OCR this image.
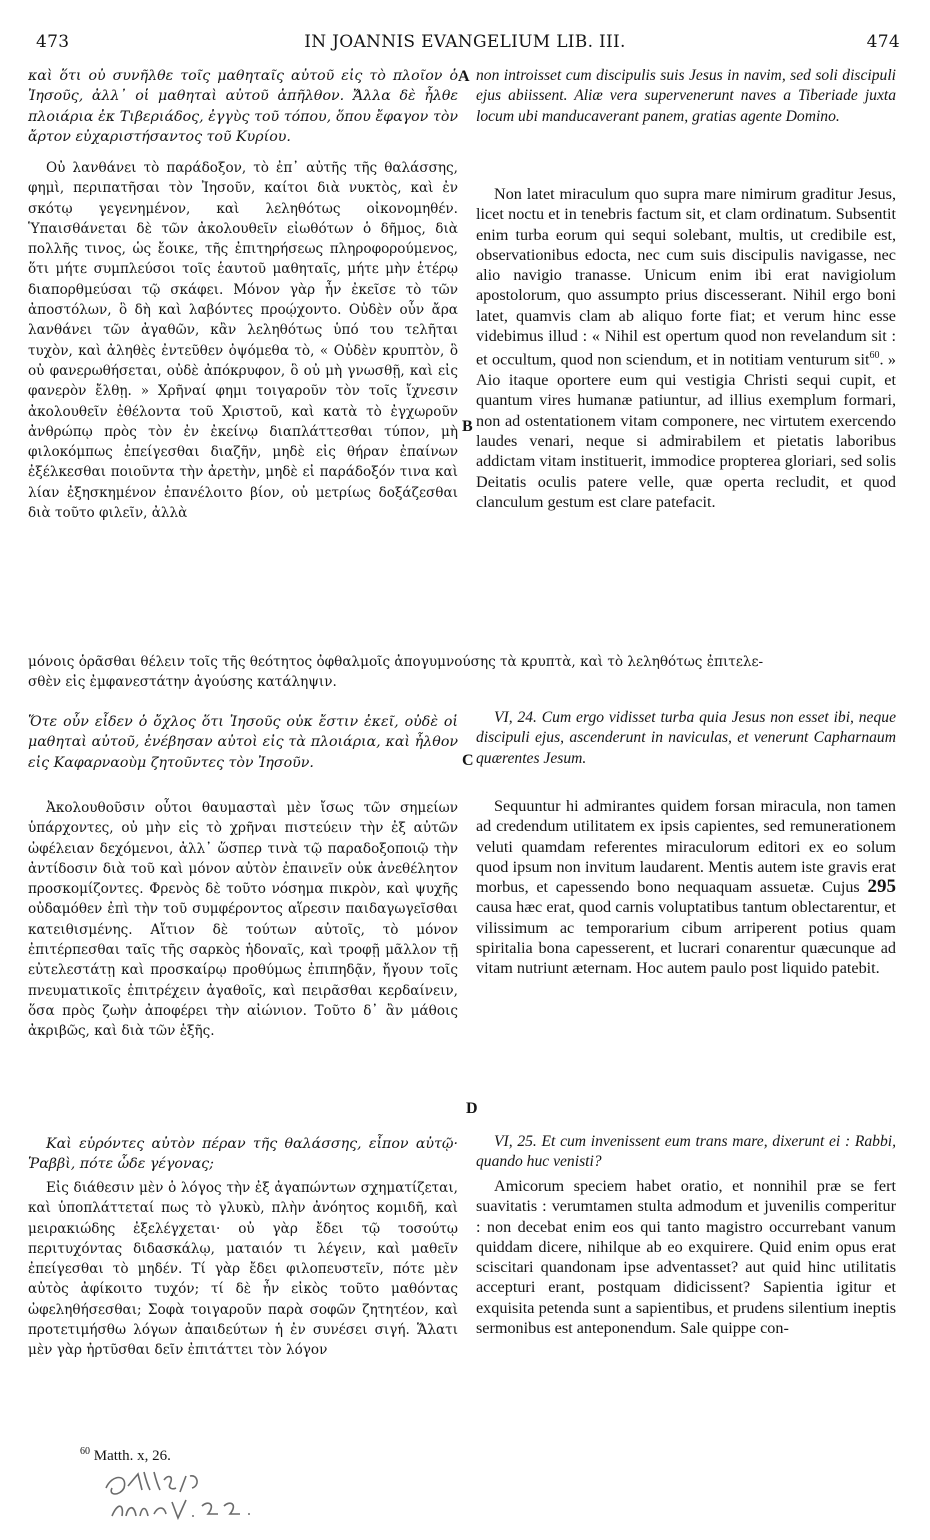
473	IN JOANNIS EVANGELIUM LIB. III.	474

καὶ ὅτι οὐ συνῆλθε τοῖς μαθηταῖς αὐτοῦ εἰς τὸ πλοῖον ὁ Ἰησοῦς, ἀλλ᾽ οἱ μαθηταὶ αὐτοῦ ἀπῆλθον. Ἄλλα δὲ ἦλθε πλοιάρια ἐκ Τιβεριάδος, ἐγγὺς τοῦ τόπου, ὅπου ἔφαγον τὸν ἄρτον εὐχαριστήσαντος τοῦ Κυρίου.

Οὐ λανθάνει τὸ παράδοξον, τὸ ἐπ᾽ αὐτῆς τῆς θαλάσσης, φημὶ, περιπατῆσαι τὸν Ἰησοῦν, καίτοι διὰ νυκτὸς, καὶ ἐν σκότῳ γεγενημένον, καὶ λεληθότως οἰκονομηθέν. Ὑπαισθάνεται δὲ τῶν ἀκολουθεῖν εἰωθότων ὁ δῆμος, διὰ πολλῆς τινος, ὡς ἔοικε, τῆς ἐπιτηρήσεως πληροφορούμενος, ὅτι μήτε συμπλεύσοι τοῖς ἑαυτοῦ μαθηταῖς, μήτε μὴν ἑτέρῳ διαπορθμεύσαι τῷ σκάφει. Μόνον γὰρ ἦν ἐκεῖσε τὸ τῶν ἀποστόλων, ὃ δὴ καὶ λαβόντες προῴχοντο. Οὐδὲν οὖν ἄρα λανθάνει τῶν ἀγαθῶν, κἂν λεληθότως ὑπό του τελῆται τυχὸν, καὶ ἀληθὲς ἐντεῦθεν ὀψόμεθα τὸ, « Οὐδὲν κρυπτὸν, ὃ οὐ φανερωθήσεται, οὐδὲ ἀπόκρυφον, ὃ οὐ μὴ γνωσθῇ, καὶ εἰς φανερὸν ἔλθῃ. » Χρῆναί φημι τοιγαροῦν τὸν τοῖς ἴχνεσιν ἀκολουθεῖν ἐθέλοντα τοῦ Χριστοῦ, καὶ κατὰ τὸ ἐγχωροῦν ἀνθρώπῳ πρὸς τὸν ἐν ἐκείνῳ διαπλάττεσθαι τύπον, μὴ φιλοκόμπως ἐπείγεσθαι διαζῆν, μηδὲ εἰς θήραν ἐπαίνων ἐξέλκεσθαι ποιοῦντα τὴν ἀρετὴν, μηδὲ εἰ παράδοξόν τινα καὶ λίαν ἐξησκημένον ἐπανέλοιτο βίον, οὐ μετρίως δοξάζεσθαι διὰ τοῦτο φιλεῖν, ἀλλὰ

Ὅτε οὖν εἶδεν ὁ ὄχλος ὅτι Ἰησοῦς οὐκ ἔστιν ἐκεῖ, οὐδὲ οἱ μαθηταὶ αὐτοῦ, ἐνέβησαν αὐτοὶ εἰς τὰ πλοιάρια, καὶ ἦλθον εἰς Καφαρναοὺμ ζητοῦντες τὸν Ἰησοῦν.

Ἀκολουθοῦσιν οὗτοι θαυμασταὶ μὲν ἴσως τῶν σημείων ὑπάρχοντες, οὐ μὴν εἰς τὸ χρῆναι πιστεύειν τὴν ἐξ αὐτῶν ὠφέλειαν δεχόμενοι, ἀλλ᾽ ὥσπερ τινὰ τῷ παραδοξοποιῷ τὴν ἀντίδοσιν διὰ τοῦ καὶ μόνον αὐτὸν ἐπαινεῖν οὐκ ἀνεθέλητον προσκομίζοντες. Φρενὸς δὲ τοῦτο νόσημα πικρὸν, καὶ ψυχῆς οὐδαμόθεν ἐπὶ τὴν τοῦ συμφέροντος αἵρεσιν παιδαγωγεῖσθαι κατειθισμένης. Αἴτιον δὲ τούτων αὐτοῖς, τὸ μόνον ἐπιτέρπεσθαι ταῖς τῆς σαρκὸς ἡδοναῖς, καὶ τροφῇ μᾶλλον τῇ εὐτελεστάτῃ καὶ προσκαίρῳ προθύμως ἐπιπηδᾷν, ἤγουν τοῖς πνευματικοῖς ἐπιτρέχειν ἀγαθοῖς, καὶ πειρᾶσθαι κερδαίνειν, ὅσα πρὸς ζωὴν ἀποφέρει τὴν αἰώνιον. Τοῦτο δ᾽ ἂν μάθοις ἀκριβῶς, καὶ διὰ τῶν ἑξῆς.

Καὶ εὑρόντες αὐτὸν πέραν τῆς θαλάσσης, εἶπον αὐτῷ· Ῥαββὶ, πότε ὧδε γέγονας;

Εἰς διάθεσιν μὲν ὁ λόγος τὴν ἐξ ἀγαπώντων σχηματίζεται, καὶ ὑποπλάττεταί πως τὸ γλυκὺ, πλὴν ἀνόητος κομιδῆ, καὶ μειρακιώδης ἐξελέγχεται· οὐ γὰρ ἔδει τῷ τοσούτῳ περιτυχόντας διδασκάλῳ, ματαιόν τι λέγειν, καὶ μαθεῖν ἐπείγεσθαι τὸ μηδέν. Τί γὰρ ἔδει φιλοπευστεῖν, πότε μὲν αὐτὸς ἀφίκοιτο τυχόν; τί δὲ ἦν εἰκὸς τοῦτο μαθόντας ὠφεληθήσεσθαι; Σοφὰ τοιγαροῦν παρὰ σοφῶν ζητητέον, καὶ προτετιμήσθω λόγων ἀπαιδεύτων ἡ ἐν συνέσει σιγή. Ἅλατι μὲν γὰρ ἠρτῦσθαι δεῖν ἐπιτάττει τὸν λόγον

μόνοις ὁρᾶσθαι θέλειν τοῖς τῆς θεότητος ὀφθαλμοῖς ἀπογυμνούσης τὰ κρυπτὰ, καὶ τὸ λεληθότως ἐπιτελε-
σθὲν εἰς ἐμφανεστάτην ἀγούσης κατάληψιν.
A
B
C
D

non introisset cum discipulis suis Jesus in navim, sed soli discipuli ejus abiissent. Aliæ vera supervenerunt naves a Tiberiade juxta locum ubi manducaverant panem, gratias agente Domino.

Non latet miraculum quo supra mare nimirum graditur Jesus, licet noctu et in tenebris factum sit, et clam ordinatum. Subsentit enim turba eorum qui sequi solebant, multis, ut credibile est, observationibus edocta, nec cum suis discipulis navigasse, nec alio navigio tranasse. Unicum enim ibi erat navigiolum apostolorum, quo assumpto prius discesserant. Nihil ergo boni latet, quamvis clam ab aliquo forte fiat; et verum hinc esse videbimus illud : « Nihil est opertum quod non revelandum sit : et occultum, quod non sciendum, et in notitiam venturum sit$^{60}$. » Aio itaque oportere eum qui vestigia Christi sequi cupit, et quantum vires humanæ patiuntur, ad illius exemplum formari, non ad ostentationem vitam componere, nec virtutem exercendo laudes venari, neque si admirabilem et pietatis laboribus addictam vitam instituerit, immodice propterea gloriari, sed solis Deitatis oculis patere velle, quæ operta recludit, et quod clanculum gestum est clare patefacit.

VI, 24. Cum ergo vidisset turba quia Jesus non esset ibi, neque discipuli ejus, ascenderunt in naviculas, et venerunt Capharnaum quærentes Jesum.

Sequuntur hi admirantes quidem forsan miracula, non tamen ad credendum utilitatem ex ipsis capientes, sed remunerationem veluti quamdam referentes miraculorum editori ex eo solum quod ipsum non invitum laudarent. Mentis autem iste gravis erat morbus, et capessendo bono nequaquam assuetæ. Cujus 295 causa hæc erat, quod carnis voluptatibus tantum oblectarentur, et vilissimum ac temporarium cibum arriperent potius quam spiritalia bona capesserent, et lucrari conarentur quæcunque ad vitam nutriunt æternam. Hoc autem paulo post liquido patebit.

VI, 25. Et cum invenissent eum trans mare, dixerunt ei : Rabbi, quando huc venisti?

Amicorum speciem habet oratio, et nonnihil præ se fert suavitatis : verumtamen stulta admodum et juvenilis comperitur : non decebat enim eos qui tanto magistro occurrebant vanum quiddam dicere, nihilque ab eo exquirere. Quid enim opus erat sciscitari quandonam ipse adventasset? aut quid hinc utilitatis accepturi erant, postquam didicissent? Sapientia igitur et exquisita petenda sunt a sapientibus, et prudens silentium ineptis sermonibus est anteponendum. Sale quippe con-

$^{60}$ Matth. x, 26.
